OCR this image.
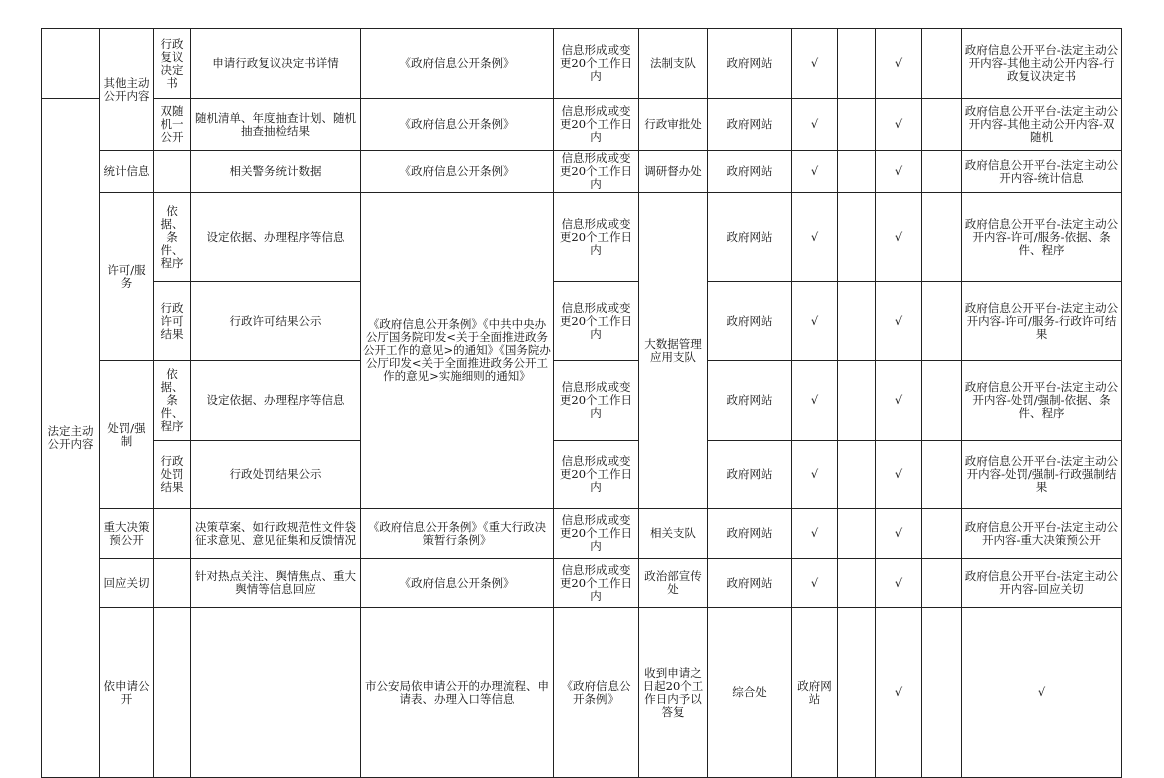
	其他主动公开内容	行政复议决定书	申请行政复议决定书详情	《政府信息公开条例》	信息形成或变更20个工作日内	法制支队	政府网站	√		√		政府信息公开平台-法定主动公开内容-其他主动公开内容-行政复议决定书	
法定主动公开内容		双随机一公开	随机清单、年度抽查计划、随机抽查抽检结果	《政府信息公开条例》	信息形成或变更20个工作日内	行政审批处	政府网站	√		√		政府信息公开平台-法定主动公开内容-其他主动公开内容-双随机	
	统计信息		相关警务统计数据	《政府信息公开条例》	信息形成或变更20个工作日内	调研督办处	政府网站	√		√		政府信息公开平台-法定主动公开内容-统计信息	
	许可/服务	依据、条件、程序	设定依据、办理程序等信息	《政府信息公开条例》《中共中央办公厅国务院印发<关于全面推进政务公开工作的意见>的通知》《国务院办公厅印发<关于全面推进政务公开工作的意见>实施细则的通知》	信息形成或变更20个工作日内	大数据管理应用支队	政府网站	√		√		政府信息公开平台-法定主动公开内容-许可/服务-依据、条件、程序	
		行政许可结果	行政许可结果公示		信息形成或变更20个工作日内		政府网站	√		√		政府信息公开平台-法定主动公开内容-许可/服务-行政许可结果	
	处罚/强制	依据、条件、程序	设定依据、办理程序等信息		信息形成或变更20个工作日内		政府网站	√		√		政府信息公开平台-法定主动公开内容-处罚/强制-依据、条件、程序	
		行政处罚结果	行政处罚结果公示		信息形成或变更20个工作日内		政府网站	√		√		政府信息公开平台-法定主动公开内容-处罚/强制-行政强制结果	
	重大决策预公开		决策草案、如行政规范性文件袋征求意见、意见征集和反馈情况	《政府信息公开条例》《重大行政决策暂行条例》	信息形成或变更20个工作日内	相关支队	政府网站	√		√		政府信息公开平台-法定主动公开内容-重大决策预公开	
	回应关切		针对热点关注、舆情焦点、重大舆情等信息回应	《政府信息公开条例》	信息形成或变更20个工作日内	政治部宣传处	政府网站	√		√		政府信息公开平台-法定主动公开内容-回应关切	
	依申请公开			市公安局依申请公开的办理流程、申请表、办理入口等信息	《政府信息公开条例》	收到申请之日起20个工作日内予以答复	综合处	政府网站		√		√	
